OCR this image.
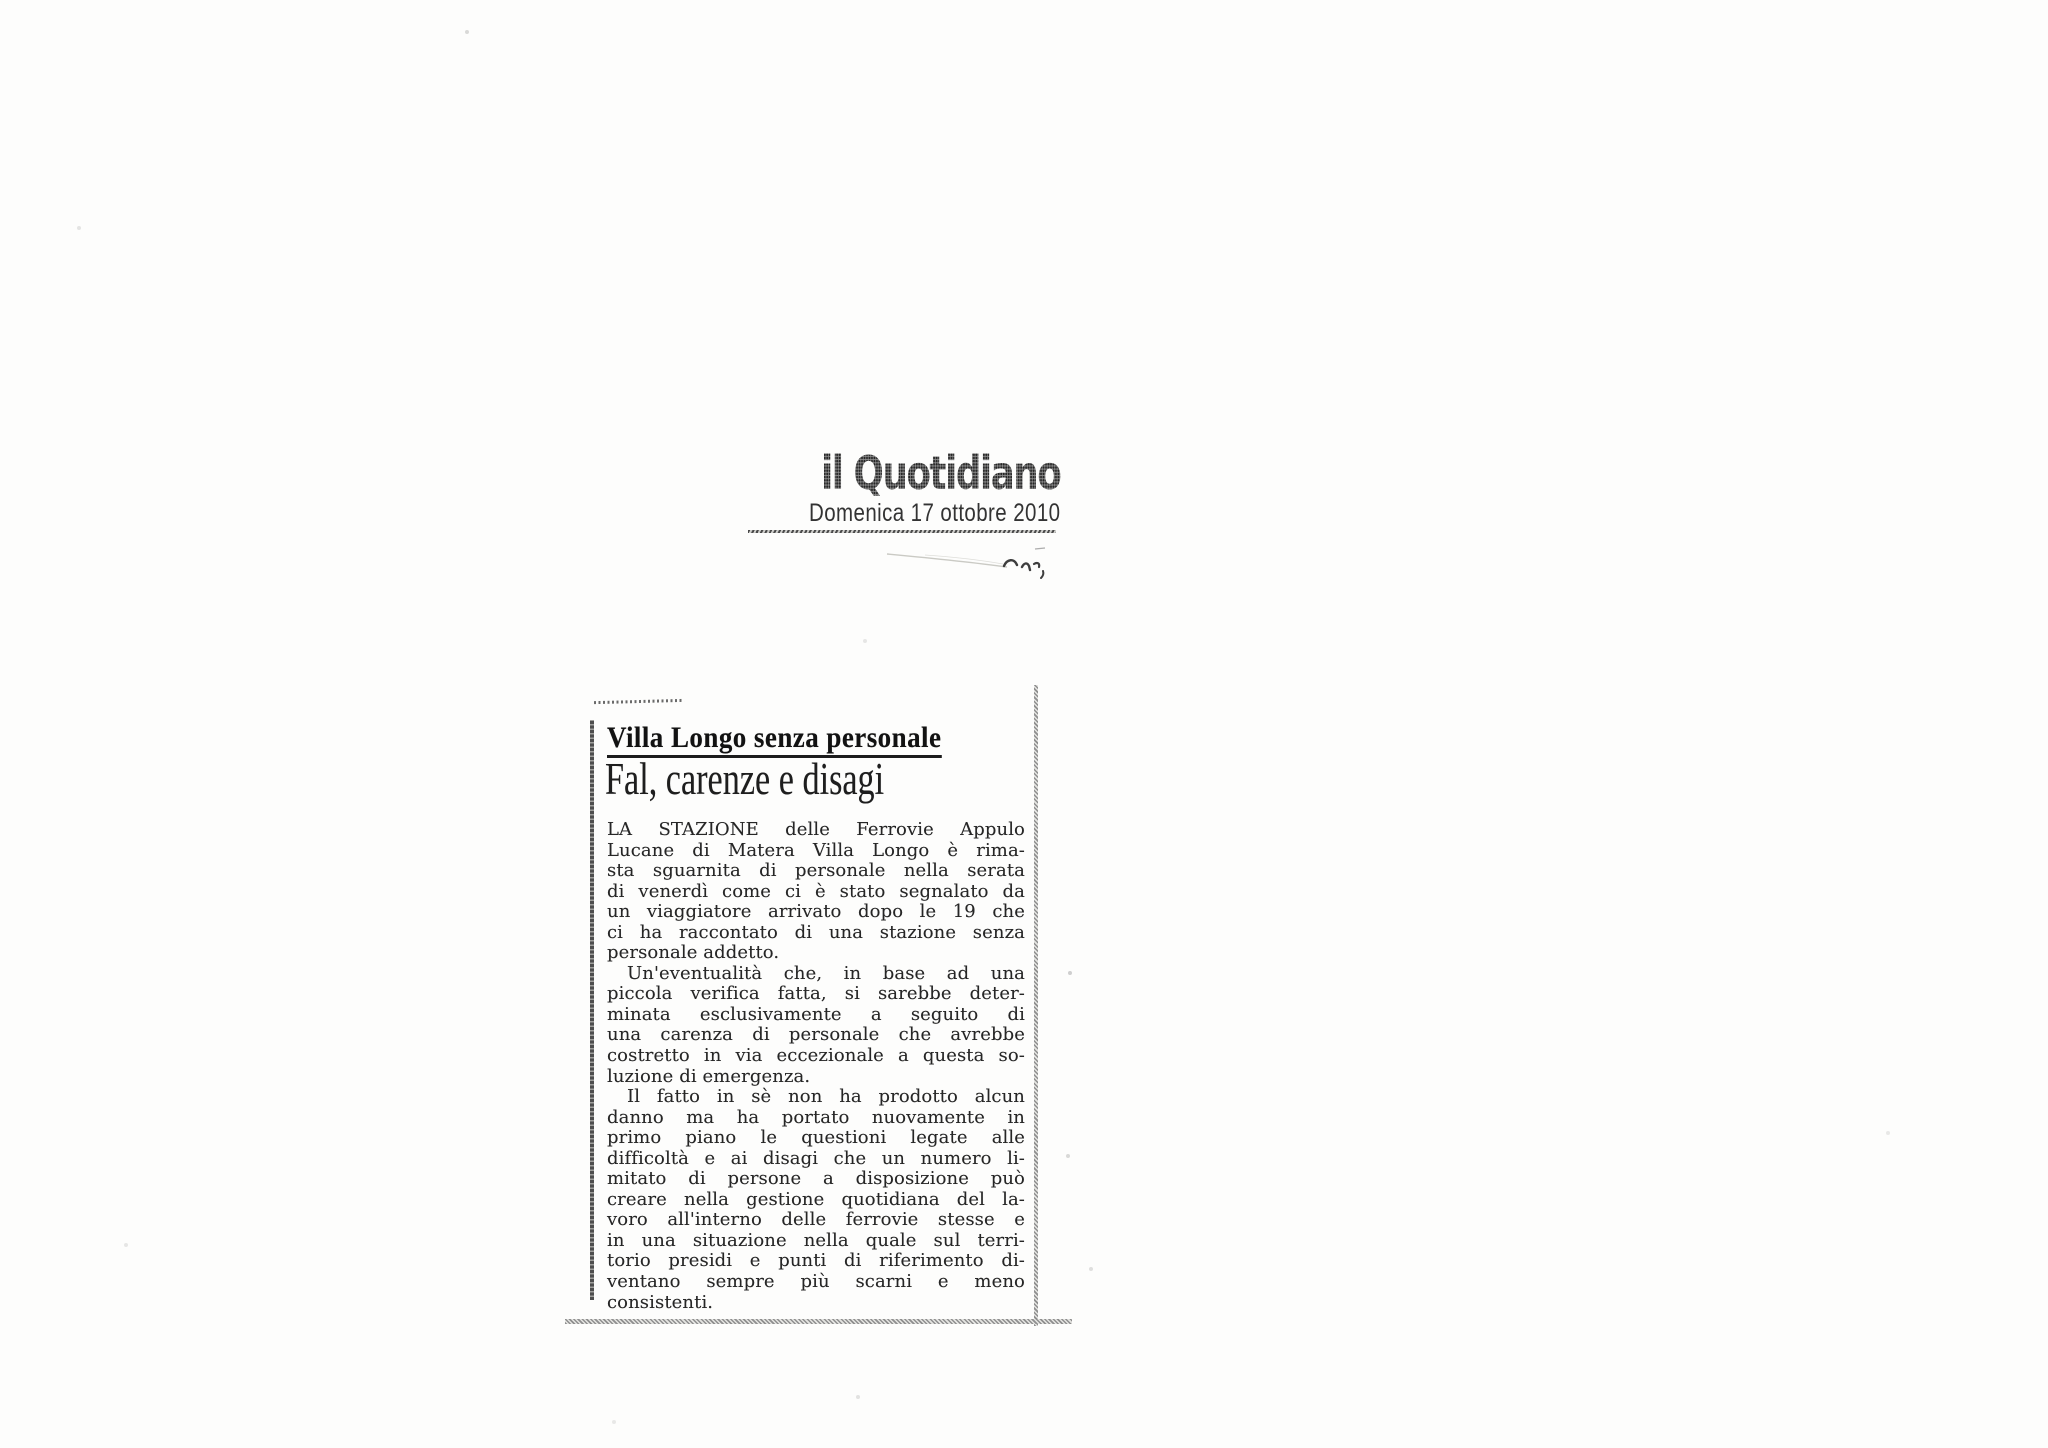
il Quotidiano
Domenica 17 ottobre 2010
Villa Longo senza personale
Fal, carenze e disagi
LA STAZIONE delle Ferrovie Appulo
Lucane di Matera Villa Longo è rima-
sta sguarnita di personale nella serata
di venerdì come ci è stato segnalato da
un viaggiatore arrivato dopo le 19 che
ci ha raccontato di una stazione senza
personale addetto.
Un'eventualità che, in base ad una
piccola verifica fatta, si sarebbe deter-
minata esclusivamente a seguito di
una carenza di personale che avrebbe
costretto in via eccezionale a questa so-
luzione di emergenza.
Il fatto in sè non ha prodotto alcun
danno ma ha portato nuovamente in
primo piano le questioni legate alle
difficoltà e ai disagi che un numero li-
mitato di persone a disposizione può
creare nella gestione quotidiana del la-
voro all'interno delle ferrovie stesse e
in una situazione nella quale sul terri-
torio presidi e punti di riferimento di-
ventano sempre più scarni e meno
consistenti.
